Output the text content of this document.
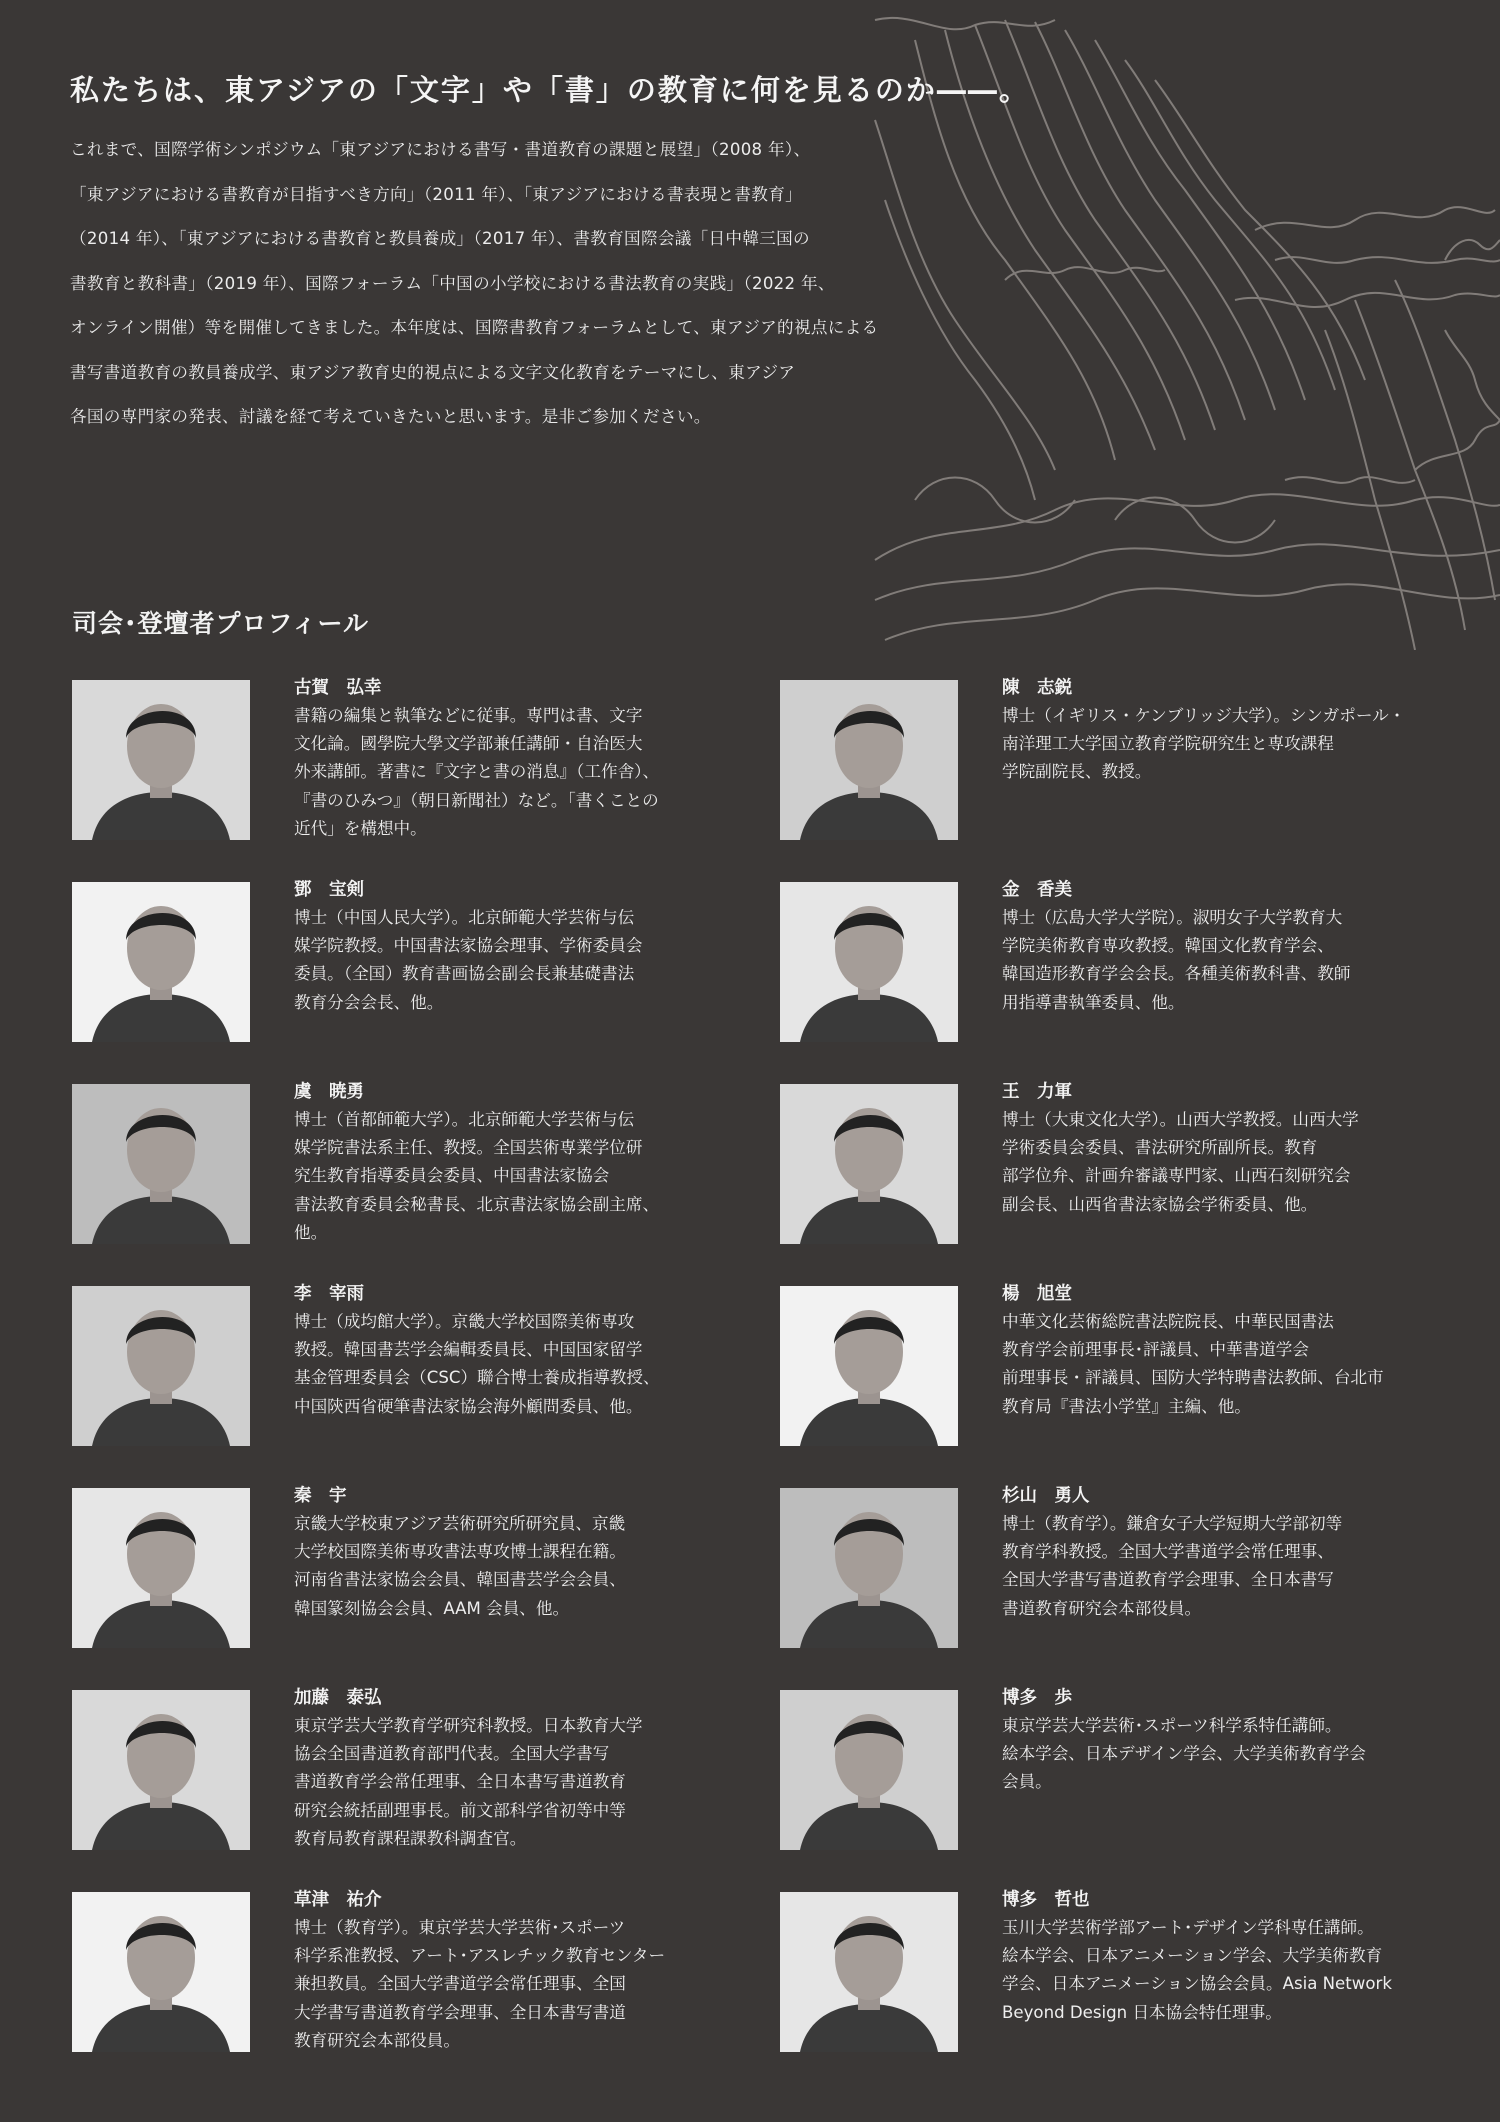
私たちは、東アジアの「文字」や「書」の教育に何を見るのか――。
これまで、国際学術シンポジウム「東アジアにおける書写・書道教育の課題と展望」（2008 年）、
「東アジアにおける書教育が目指すべき方向」（2011 年）、「東アジアにおける書表現と書教育」
（2014 年）、「東アジアにおける書教育と教員養成」（2017 年）、書教育国際会議「日中韓三国の
書教育と教科書」（2019 年）、国際フォーラム「中国の小学校における書法教育の実践」（2022 年、
オンライン開催）等を開催してきました。本年度は、国際書教育フォーラムとして、東アジア的視点による
書写書道教育の教員養成学、東アジア教育史的視点による文字文化教育をテーマにし、東アジア
各国の専門家の発表、討議を経て考えていきたいと思います。是非ご参加ください。
司会･登壇者プロフィール
古賀　弘幸
書籍の編集と執筆などに従事。専門は書、文字
文化論。國學院大學文学部兼任講師・自治医大
外来講師。著書に『文字と書の消息』（工作舎）、
『書のひみつ』（朝日新聞社）など。「書くことの
近代」を構想中。
陳　志鋭
博士（イギリス・ケンブリッジ大学）。シンガポール・
南洋理工大学国立教育学院研究生と専攻課程
学院副院長、教授。
鄧　宝剣
博士（中国人民大学）。北京師範大学芸術与伝
媒学院教授。中国書法家協会理事、学術委員会
委員。（全国）教育書画協会副会長兼基礎書法
教育分会会長、他。
金　香美
博士（広島大学大学院）。淑明女子大学教育大
学院美術教育専攻教授。韓国文化教育学会、
韓国造形教育学会会長。各種美術教科書、教師
用指導書執筆委員、他。
虞　暁勇
博士（首都師範大学）。北京師範大学芸術与伝
媒学院書法系主任、教授。全国芸術専業学位研
究生教育指導委員会委員、中国書法家協会
書法教育委員会秘書長、北京書法家協会副主席、
他。
王　力軍
博士（大東文化大学）。山西大学教授。山西大学
学術委員会委員、書法研究所副所長。教育
部学位弁、計画弁審議専門家、山西石刻研究会
副会長、山西省書法家協会学術委員、他。
李　宰雨
博士（成均館大学）。京畿大学校国際美術専攻
教授。韓国書芸学会編輯委員長、中国国家留学
基金管理委員会（CSC）聯合博士養成指導教授、
中国陝西省硬筆書法家協会海外顧問委員、他。
楊　旭堂
中華文化芸術総院書法院院長、中華民国書法
教育学会前理事長･評議員、中華書道学会
前理事長・評議員、国防大学特聘書法教師、台北市
教育局『書法小学堂』主編、他。
秦　宇
京畿大学校東アジア芸術研究所研究員、京畿
大学校国際美術専攻書法専攻博士課程在籍。
河南省書法家協会会員、韓国書芸学会会員、
韓国篆刻協会会員、AAM 会員、他。
杉山　勇人
博士（教育学）。鎌倉女子大学短期大学部初等
教育学科教授。全国大学書道学会常任理事、
全国大学書写書道教育学会理事、全日本書写
書道教育研究会本部役員。
加藤　泰弘
東京学芸大学教育学研究科教授。日本教育大学
協会全国書道教育部門代表。全国大学書写
書道教育学会常任理事、全日本書写書道教育
研究会統括副理事長。前文部科学省初等中等
教育局教育課程課教科調査官。
博多　歩
東京学芸大学芸術･スポーツ科学系特任講師。
絵本学会、日本デザイン学会、大学美術教育学会
会員。
草津　祐介
博士（教育学）。東京学芸大学芸術･スポーツ
科学系准教授、アート･アスレチック教育センター
兼担教員。全国大学書道学会常任理事、全国
大学書写書道教育学会理事、全日本書写書道
教育研究会本部役員。
博多　哲也
玉川大学芸術学部アート･デザイン学科専任講師。
絵本学会、日本アニメーション学会、大学美術教育
学会、日本アニメーション協会会員。Asia Network
Beyond Design 日本協会特任理事。
